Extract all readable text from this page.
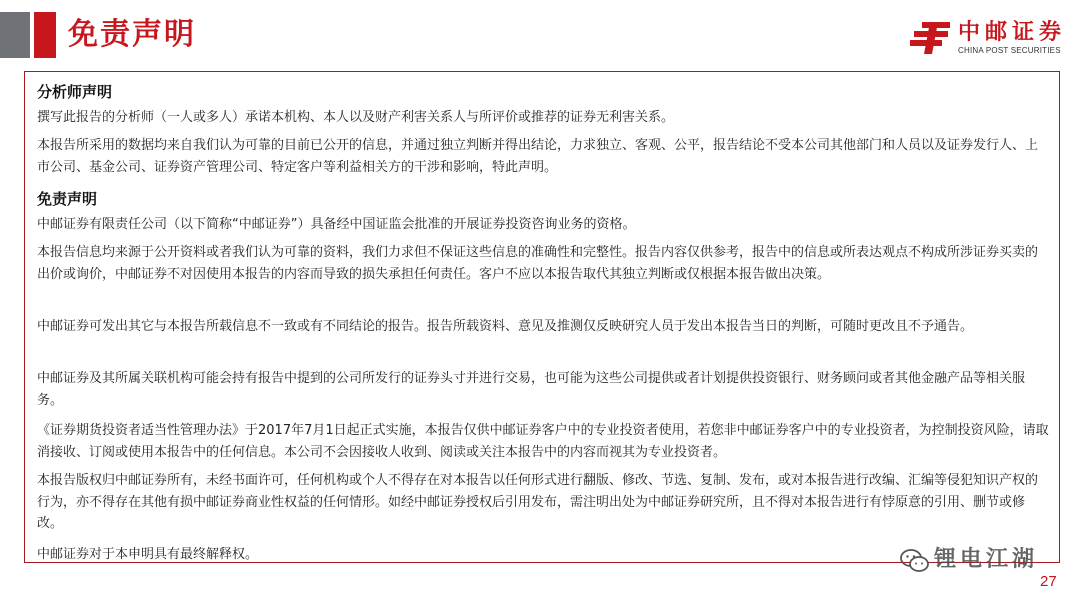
免责声明	中邮证券
CHINA POST SECURITIES
分析师声明

撰写此报告的分析师（一人或多人）承诺本机构、本人以及财产利害关系人与所评价或推荐的证券无利害关系。

本报告所采用的数据均来自我们认为可靠的目前已公开的信息，并通过独立判断并得出结论，力求独立、客观、公平，报告结论不受本公司其他部门和人员以及证券发行人、上市公司、基金公司、证券资产管理公司、特定客户等利益相关方的干涉和影响，特此声明。

免责声明

中邮证券有限责任公司（以下简称“中邮证券”）具备经中国证监会批准的开展证券投资咨询业务的资格。

本报告信息均来源于公开资料或者我们认为可靠的资料，我们力求但不保证这些信息的准确性和完整性。报告内容仅供参考，报告中的信息或所表达观点不构成所涉证券买卖的出价或询价，中邮证券不对因使用本报告的内容而导致的损失承担任何责任。客户不应以本报告取代其独立判断或仅根据本报告做出决策。

中邮证券可发出其它与本报告所载信息不一致或有不同结论的报告。报告所载资料、意见及推测仅反映研究人员于发出本报告当日的判断，可随时更改且不予通告。

中邮证券及其所属关联机构可能会持有报告中提到的公司所发行的证券头寸并进行交易，也可能为这些公司提供或者计划提供投资银行、财务顾问或者其他金融产品等相关服务。

《证券期货投资者适当性管理办法》于2017年7月1日起正式实施，本报告仅供中邮证券客户中的专业投资者使用，若您非中邮证券客户中的专业投资者，为控制投资风险，请取消接收、订阅或使用本报告中的任何信息。本公司不会因接收人收到、阅读或关注本报告中的内容而视其为专业投资者。

本报告版权归中邮证券所有，未经书面许可，任何机构或个人不得存在对本报告以任何形式进行翻版、修改、节选、复制、发布，或对本报告进行改编、汇编等侵犯知识产权的行为，亦不得存在其他有损中邮证券商业性权益的任何情形。如经中邮证券授权后引用发布，需注明出处为中邮证券研究所，且不得对本报告进行有悖原意的引用、删节或修改。

中邮证券对于本申明具有最终解释权。	锂电江湖
27
